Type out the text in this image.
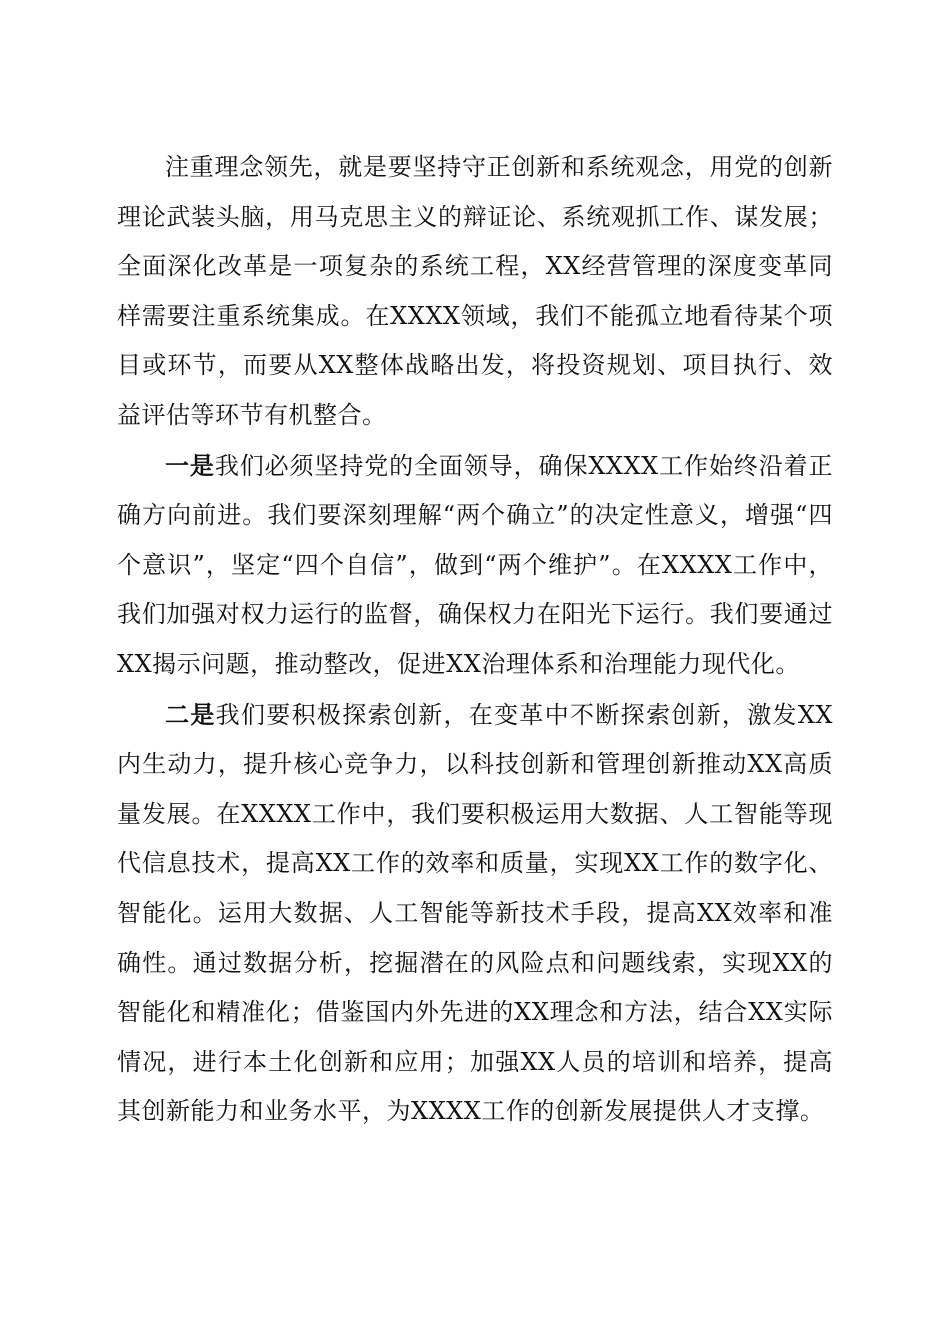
注重理念领先，就是要坚持守正创新和系统观念，用党的创新理论武装头脑，用马克思主义的辩证论、系统观抓工作、谋发展；全面深化改革是一项复杂的系统工程，XX经营管理的深度变革同样需要注重系统集成。在XXXX领域，我们不能孤立地看待某个项目或环节，而要从XX整体战略出发，将投资规划、项目执行、效益评估等环节有机整合。

一是我们必须坚持党的全面领导，确保XXXX工作始终沿着正确方向前进。我们要深刻理解“两个确立”的决定性意义，增强“四个意识”，坚定“四个自信”，做到“两个维护”。在XXXX工作中，我们加强对权力运行的监督，确保权力在阳光下运行。我们要通过XX揭示问题，推动整改，促进XX治理体系和治理能力现代化。

二是我们要积极探索创新，在变革中不断探索创新，激发XX内生动力，提升核心竞争力，以科技创新和管理创新推动XX高质量发展。在XXXX工作中，我们要积极运用大数据、人工智能等现代信息技术，提高XX工作的效率和质量，实现XX工作的数字化、智能化。运用大数据、人工智能等新技术手段，提高XX效率和准确性。通过数据分析，挖掘潜在的风险点和问题线索，实现XX的智能化和精准化；借鉴国内外先进的XX理念和方法，结合XX实际情况，进行本土化创新和应用；加强XX人员的培训和培养，提高其创新能力和业务水平，为XXXX工作的创新发展提供人才支撑。
